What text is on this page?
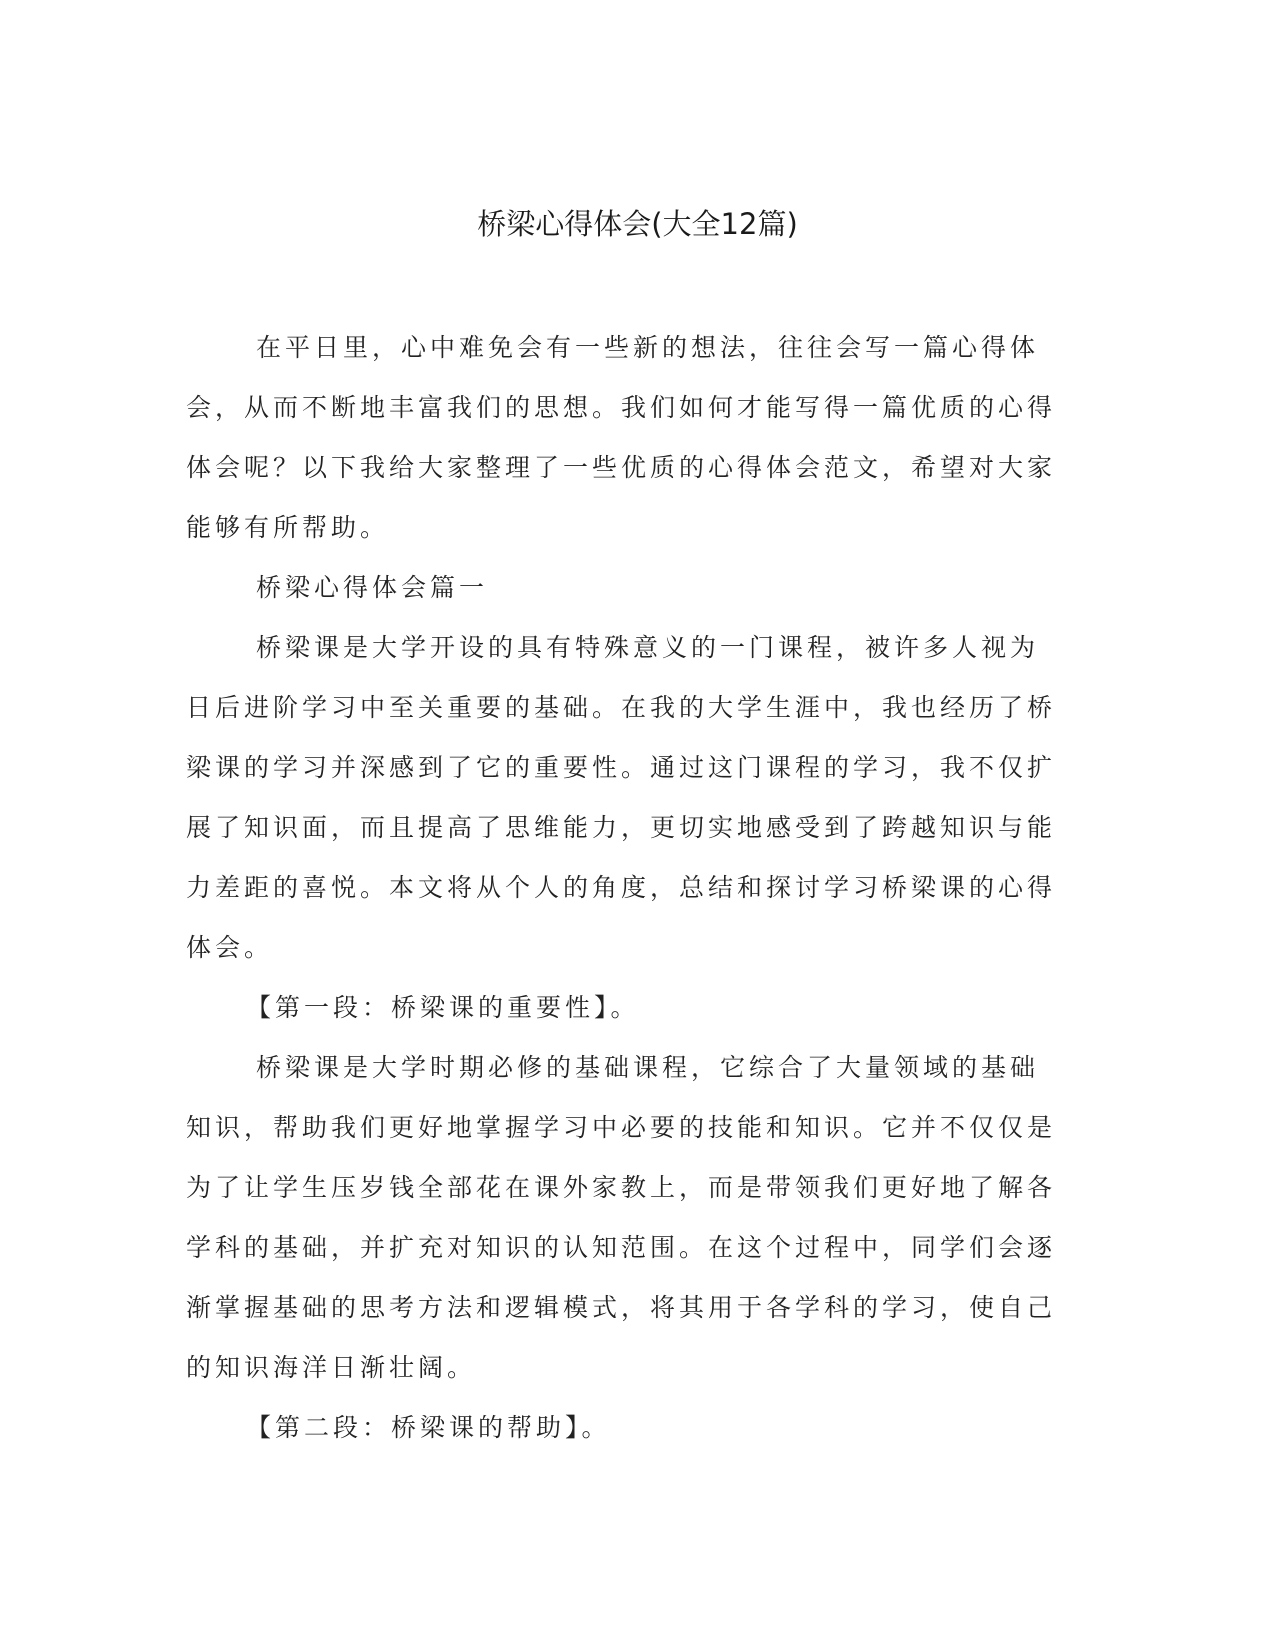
桥梁心得体会(大全12篇)

在平日里，心中难免会有一些新的想法，往往会写一篇心得体会，从而不断地丰富我们的思想。我们如何才能写得一篇优质的心得体会呢？以下我给大家整理了一些优质的心得体会范文，希望对大家能够有所帮助。

桥梁心得体会篇一

桥梁课是大学开设的具有特殊意义的一门课程，被许多人视为日后进阶学习中至关重要的基础。在我的大学生涯中，我也经历了桥梁课的学习并深感到了它的重要性。通过这门课程的学习，我不仅扩展了知识面，而且提高了思维能力，更切实地感受到了跨越知识与能力差距的喜悦。本文将从个人的角度，总结和探讨学习桥梁课的心得体会。

【第一段：桥梁课的重要性】。

桥梁课是大学时期必修的基础课程，它综合了大量领域的基础知识，帮助我们更好地掌握学习中必要的技能和知识。它并不仅仅是为了让学生压岁钱全部花在课外家教上，而是带领我们更好地了解各学科的基础，并扩充对知识的认知范围。在这个过程中，同学们会逐渐掌握基础的思考方法和逻辑模式，将其用于各学科的学习，使自己的知识海洋日渐壮阔。

【第二段：桥梁课的帮助】。
